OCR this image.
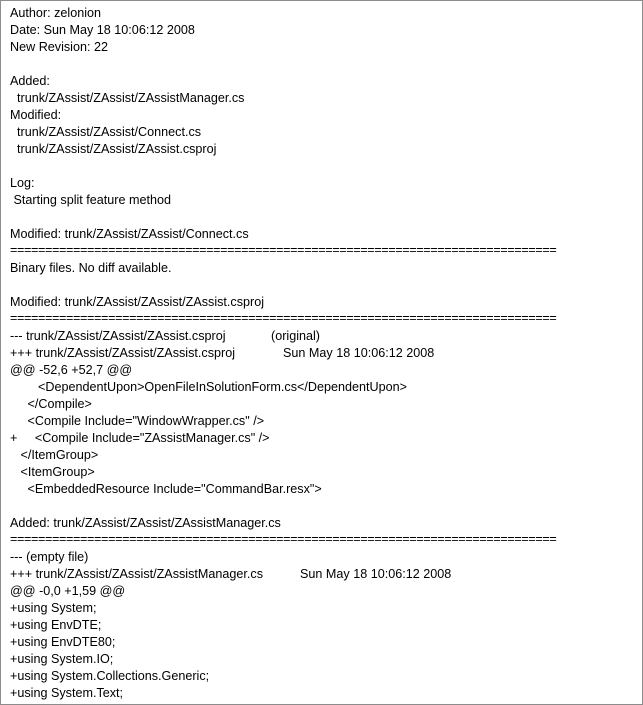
Author: zelonion
Date: Sun May 18 10:06:12 2008
New Revision: 22
Added:
trunk/ZAssist/ZAssist/ZAssistManager.cs
Modified:
trunk/ZAssist/ZAssist/Connect.cs
trunk/ZAssist/ZAssist/ZAssist.csproj
Log:
Starting split feature method
Modified: trunk/ZAssist/ZAssist/Connect.cs
==============================================================================
Binary files. No diff available.
Modified: trunk/ZAssist/ZAssist/ZAssist.csproj
==============================================================================
--- trunk/ZAssist/ZAssist/ZAssist.csproj	(original)
+++ trunk/ZAssist/ZAssist/ZAssist.csproj	Sun May 18 10:06:12 2008
@@ -52,6 +52,7 @@
<DependentUpon>OpenFileInSolutionForm.cs</DependentUpon>
</Compile>
<Compile Include="WindowWrapper.cs" />
+     <Compile Include="ZAssistManager.cs" />
</ItemGroup>
<ItemGroup>
<EmbeddedResource Include="CommandBar.resx">
Added: trunk/ZAssist/ZAssist/ZAssistManager.cs
==============================================================================
--- (empty file)
+++ trunk/ZAssist/ZAssist/ZAssistManager.cs	Sun May 18 10:06:12 2008
@@ -0,0 +1,59 @@
+using System;
+using EnvDTE;
+using EnvDTE80;
+using System.IO;
+using System.Collections.Generic;
+using System.Text;
